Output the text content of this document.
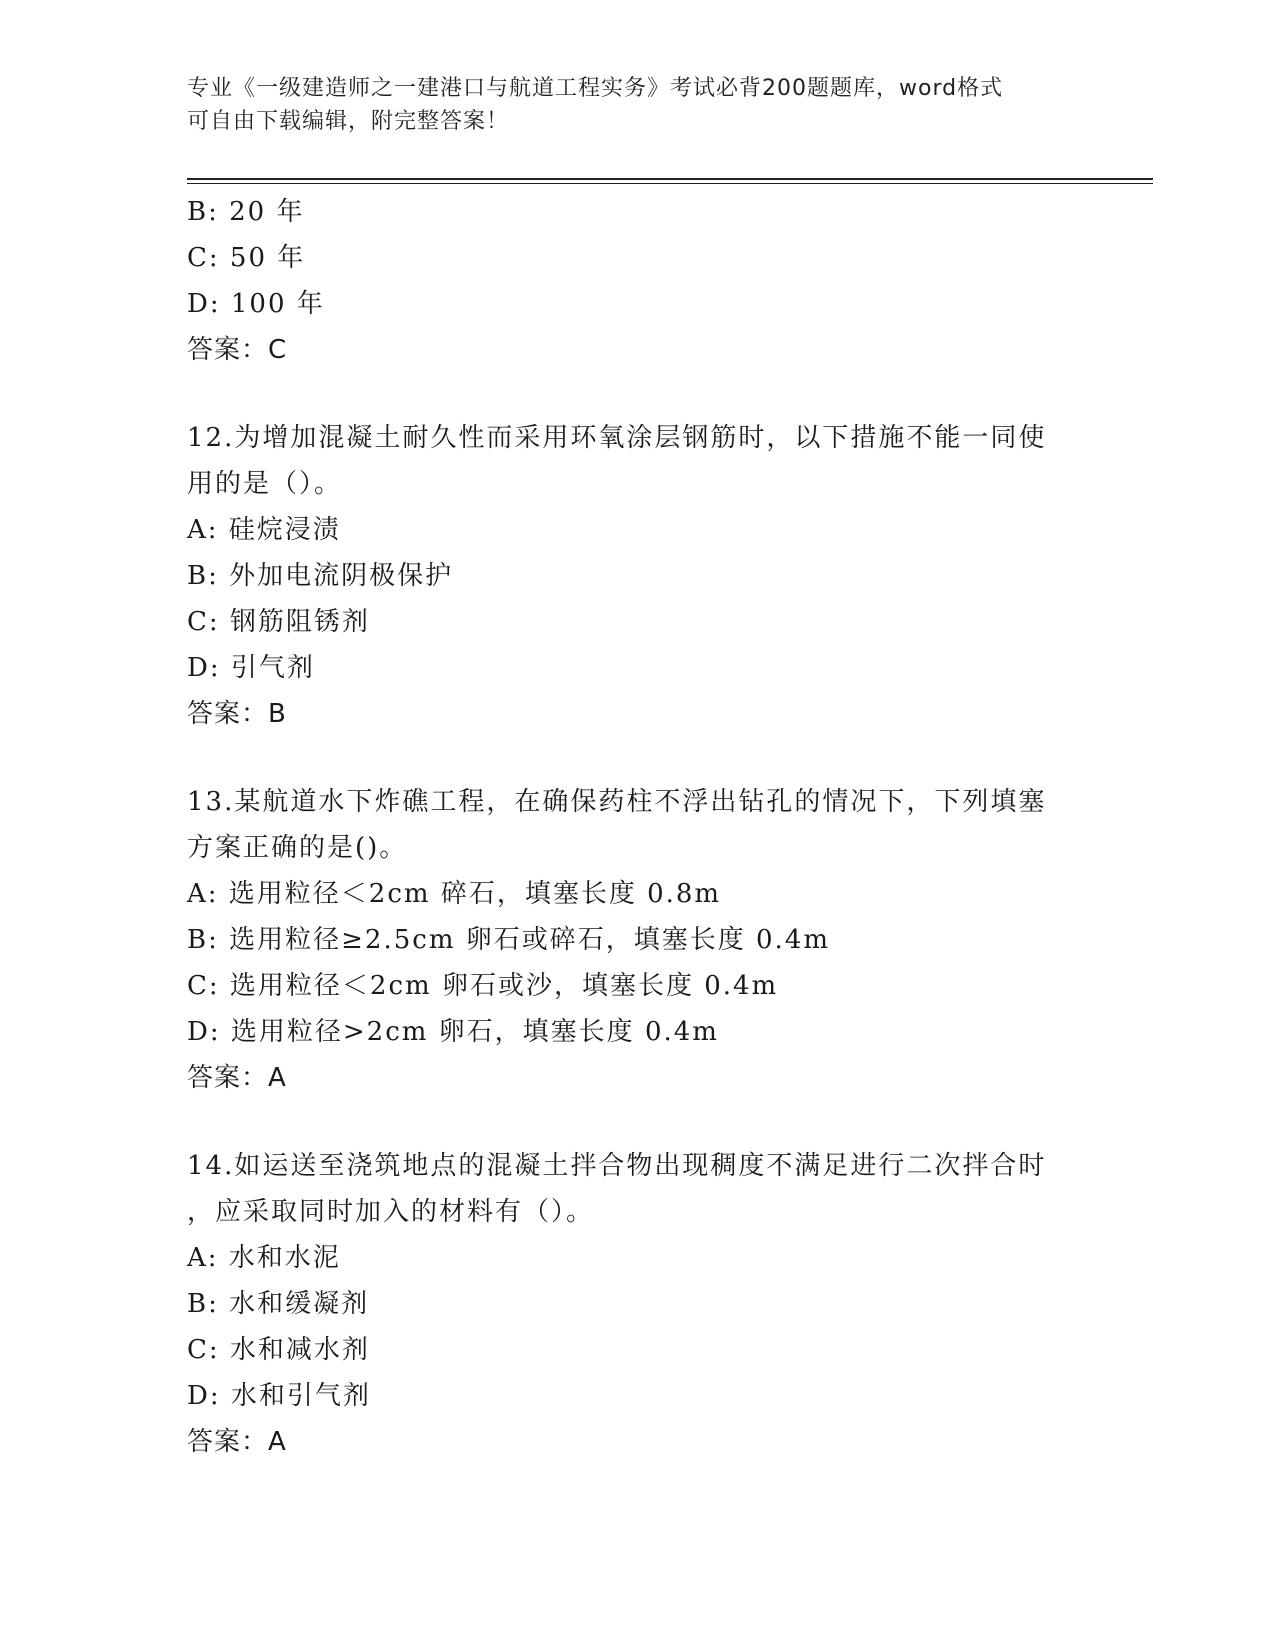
专业《一级建造师之一建港口与航道工程实务》考试必背200题题库，word格式
可自由下载编辑，附完整答案！
B: 20 年
C: 50 年
D: 100 年
答案：C
12.为增加混凝土耐久性而采用环氧涂层钢筋时，以下措施不能一同使
用的是（）。
A: 硅烷浸渍
B: 外加电流阴极保护
C: 钢筋阻锈剂
D: 引气剂
答案：B
13.某航道水下炸礁工程，在确保药柱不浮出钻孔的情况下，下列填塞
方案正确的是()。
A: 选用粒径＜2cm 碎石，填塞长度 0.8m
B: 选用粒径≥2.5cm 卵石或碎石，填塞长度 0.4m
C: 选用粒径＜2cm 卵石或沙，填塞长度 0.4m
D: 选用粒径>2cm 卵石，填塞长度 0.4m
答案：A
14.如运送至浇筑地点的混凝土拌合物出现稠度不满足进行二次拌合时
，应采取同时加入的材料有（）。
A: 水和水泥
B: 水和缓凝剂
C: 水和减水剂
D: 水和引气剂
答案：A
